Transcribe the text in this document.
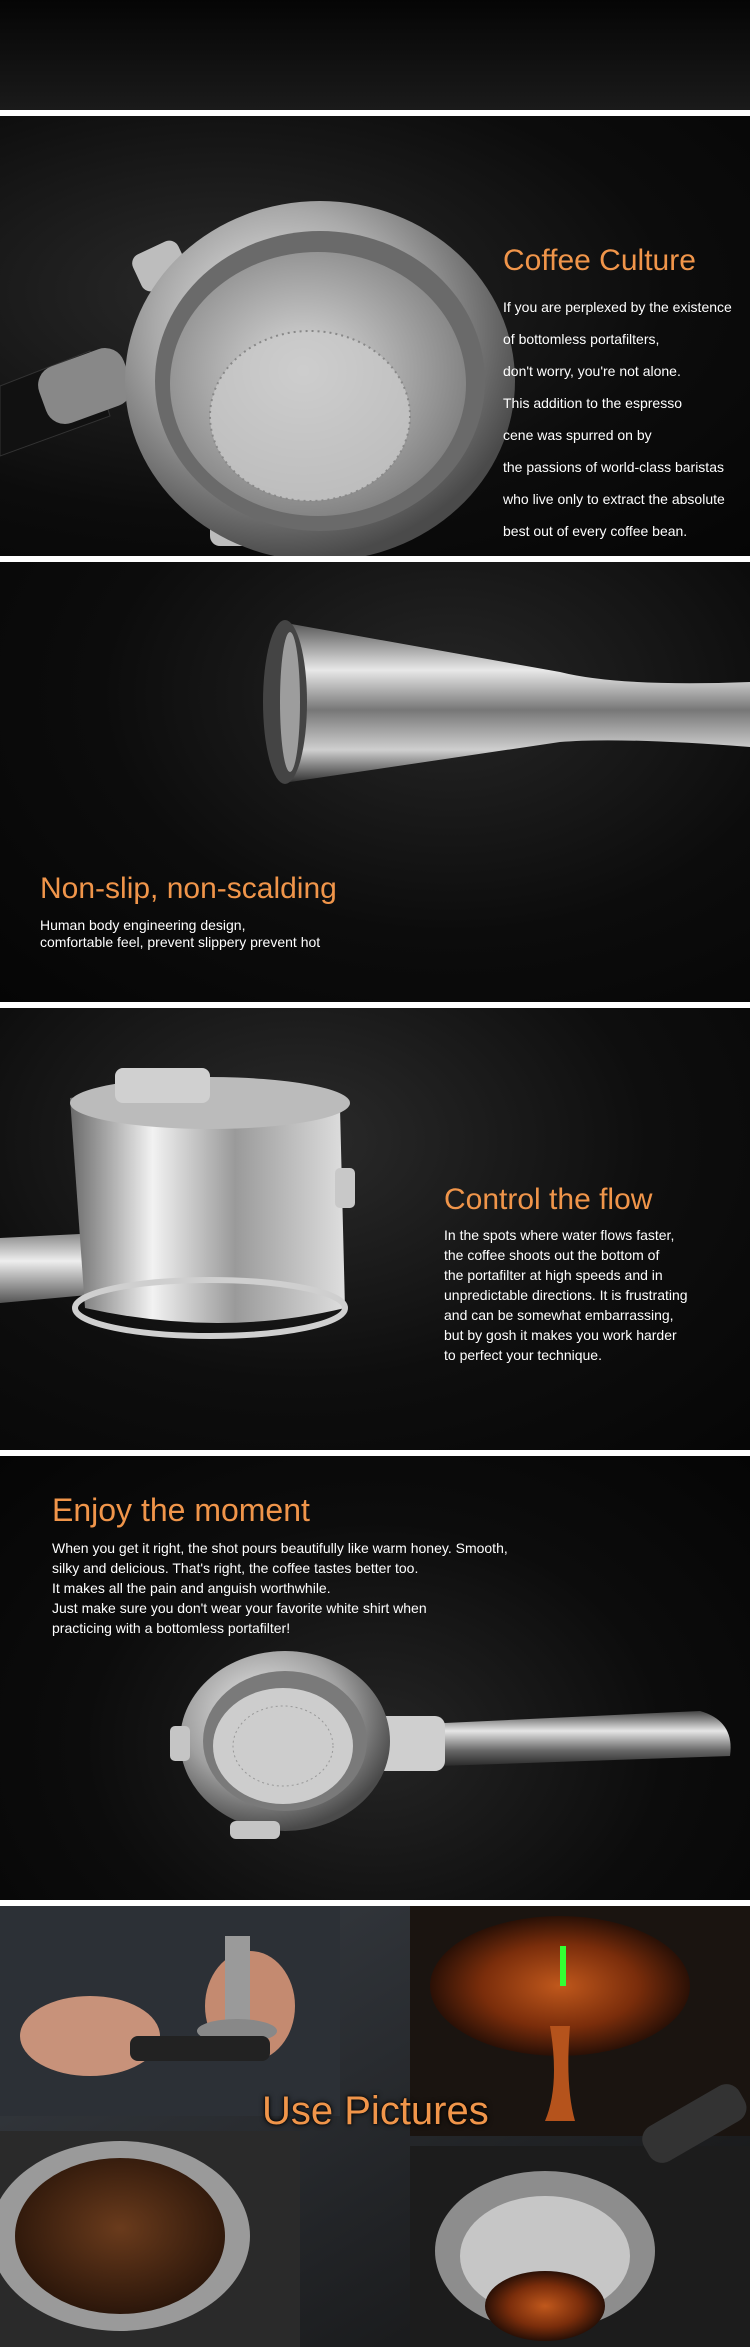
Coffee Culture
If you are perplexed by the existence
of bottomless portafilters,
don't worry, you're not alone.
This addition to the espresso
cene was spurred on by
the passions of world-class baristas
who live only to extract the absolute
best out of every coffee bean.
Non-slip, non-scalding
Human body engineering design,
comfortable feel, prevent slippery prevent hot
Control the flow
In the spots where water flows faster,
the coffee shoots out the bottom of
the portafilter at high speeds and in
unpredictable directions. It is frustrating
and can be somewhat embarrassing,
but by gosh it makes you work harder
to perfect your technique.
Enjoy the moment
When you get it right, the shot pours beautifully like warm honey. Smooth,
silky and delicious. That's right, the coffee tastes better too.
It makes all the pain and anguish worthwhile.
Just make sure you don't wear your favorite white shirt when
practicing with a bottomless portafilter!
Use Pictures
